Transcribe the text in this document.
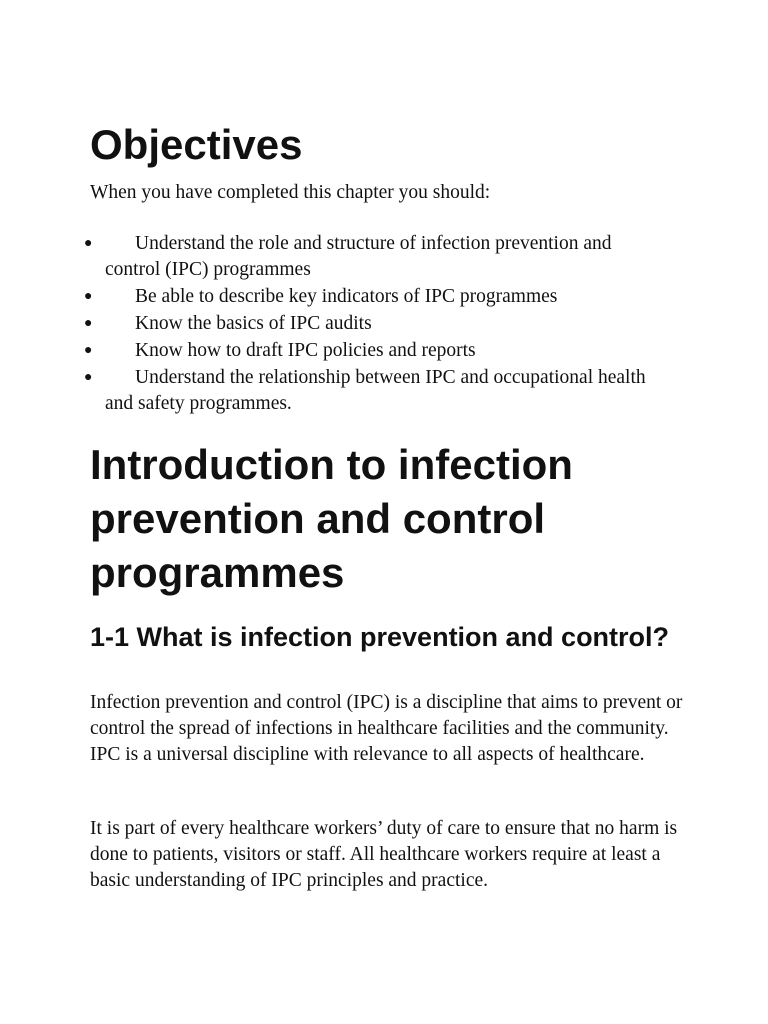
Objectives

When you have completed this chapter you should:

●	Understand the role and structure of infection prevention and control (IPC) programmes
●	Be able to describe key indicators of IPC programmes
●	Know the basics of IPC audits
●	Know how to draft IPC policies and reports
●	Understand the relationship between IPC and occupational health and safety programmes.
Introduction to infection prevention and control programmes
1-1 What is infection prevention and control?

Infection prevention and control (IPC) is a discipline that aims to prevent or control the spread of infections in healthcare facilities and the community. IPC is a universal discipline with relevance to all aspects of healthcare.

It is part of every healthcare workers’ duty of care to ensure that no harm is done to patients, visitors or staff. All healthcare workers require at least a basic understanding of IPC principles and practice.
